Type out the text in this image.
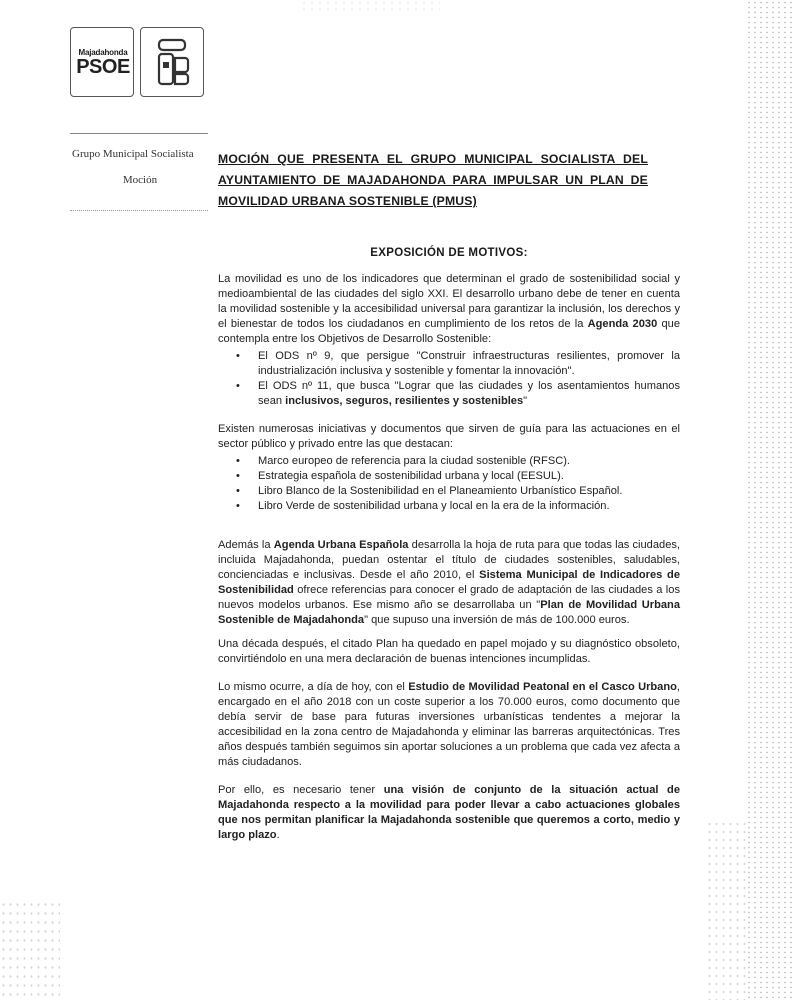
Majadahonda
PSOE
Grupo Municipal Socialista
Moción
MOCIÓN QUE PRESENTA EL GRUPO MUNICIPAL SOCIALISTA DEL AYUNTAMIENTO DE MAJADAHONDA PARA IMPULSAR UN PLAN DE MOVILIDAD URBANA SOSTENIBLE (PMUS)
EXPOSICIÓN DE MOTIVOS:

La movilidad es uno de los indicadores que determinan el grado de sostenibilidad social y medioambiental de las ciudades del siglo XXI. El desarrollo urbano debe de tener en cuenta la movilidad sostenible y la accesibilidad universal para garantizar la inclusión, los derechos y el bienestar de todos los ciudadanos en cumplimiento de los retos de la Agenda 2030 que contempla entre los Objetivos de Desarrollo Sostenible:

• El ODS nº 9, que persigue "Construir infraestructuras resilientes, promover la industrialización inclusiva y sostenible y fomentar la innovación".
• El ODS nº 11, que busca "Lograr que las ciudades y los asentamientos humanos sean inclusivos, seguros, resilientes y sostenibles"

Existen numerosas iniciativas y documentos que sirven de guía para las actuaciones en el sector público y privado entre las que destacan:

• Marco europeo de referencia para la ciudad sostenible (RFSC).
• Estrategia española de sostenibilidad urbana y local (EESUL).
• Libro Blanco de la Sostenibilidad en el Planeamiento Urbanístico Español.
• Libro Verde de sostenibilidad urbana y local en la era de la información.

Además la Agenda Urbana Española desarrolla la hoja de ruta para que todas las ciudades, incluida Majadahonda, puedan ostentar el título de ciudades sostenibles, saludables, concienciadas e inclusivas. Desde el año 2010, el Sistema Municipal de Indicadores de Sostenibilidad ofrece referencias para conocer el grado de adaptación de las ciudades a los nuevos modelos urbanos. Ese mismo año se desarrollaba un "Plan de Movilidad Urbana Sostenible de Majadahonda" que supuso una inversión de más de 100.000 euros.

Una década después, el citado Plan ha quedado en papel mojado y su diagnóstico obsoleto, convirtiéndolo en una mera declaración de buenas intenciones incumplidas.

Lo mismo ocurre, a día de hoy, con el Estudio de Movilidad Peatonal en el Casco Urbano, encargado en el año 2018 con un coste superior a los 70.000 euros, como documento que debía servir de base para futuras inversiones urbanísticas tendentes a mejorar la accesibilidad en la zona centro de Majadahonda y eliminar las barreras arquitectónicas. Tres años después también seguimos sin aportar soluciones a un problema que cada vez afecta a más ciudadanos.

Por ello, es necesario tener una visión de conjunto de la situación actual de Majadahonda respecto a la movilidad para poder llevar a cabo actuaciones globales que nos permitan planificar la Majadahonda sostenible que queremos a corto, medio y largo plazo.
